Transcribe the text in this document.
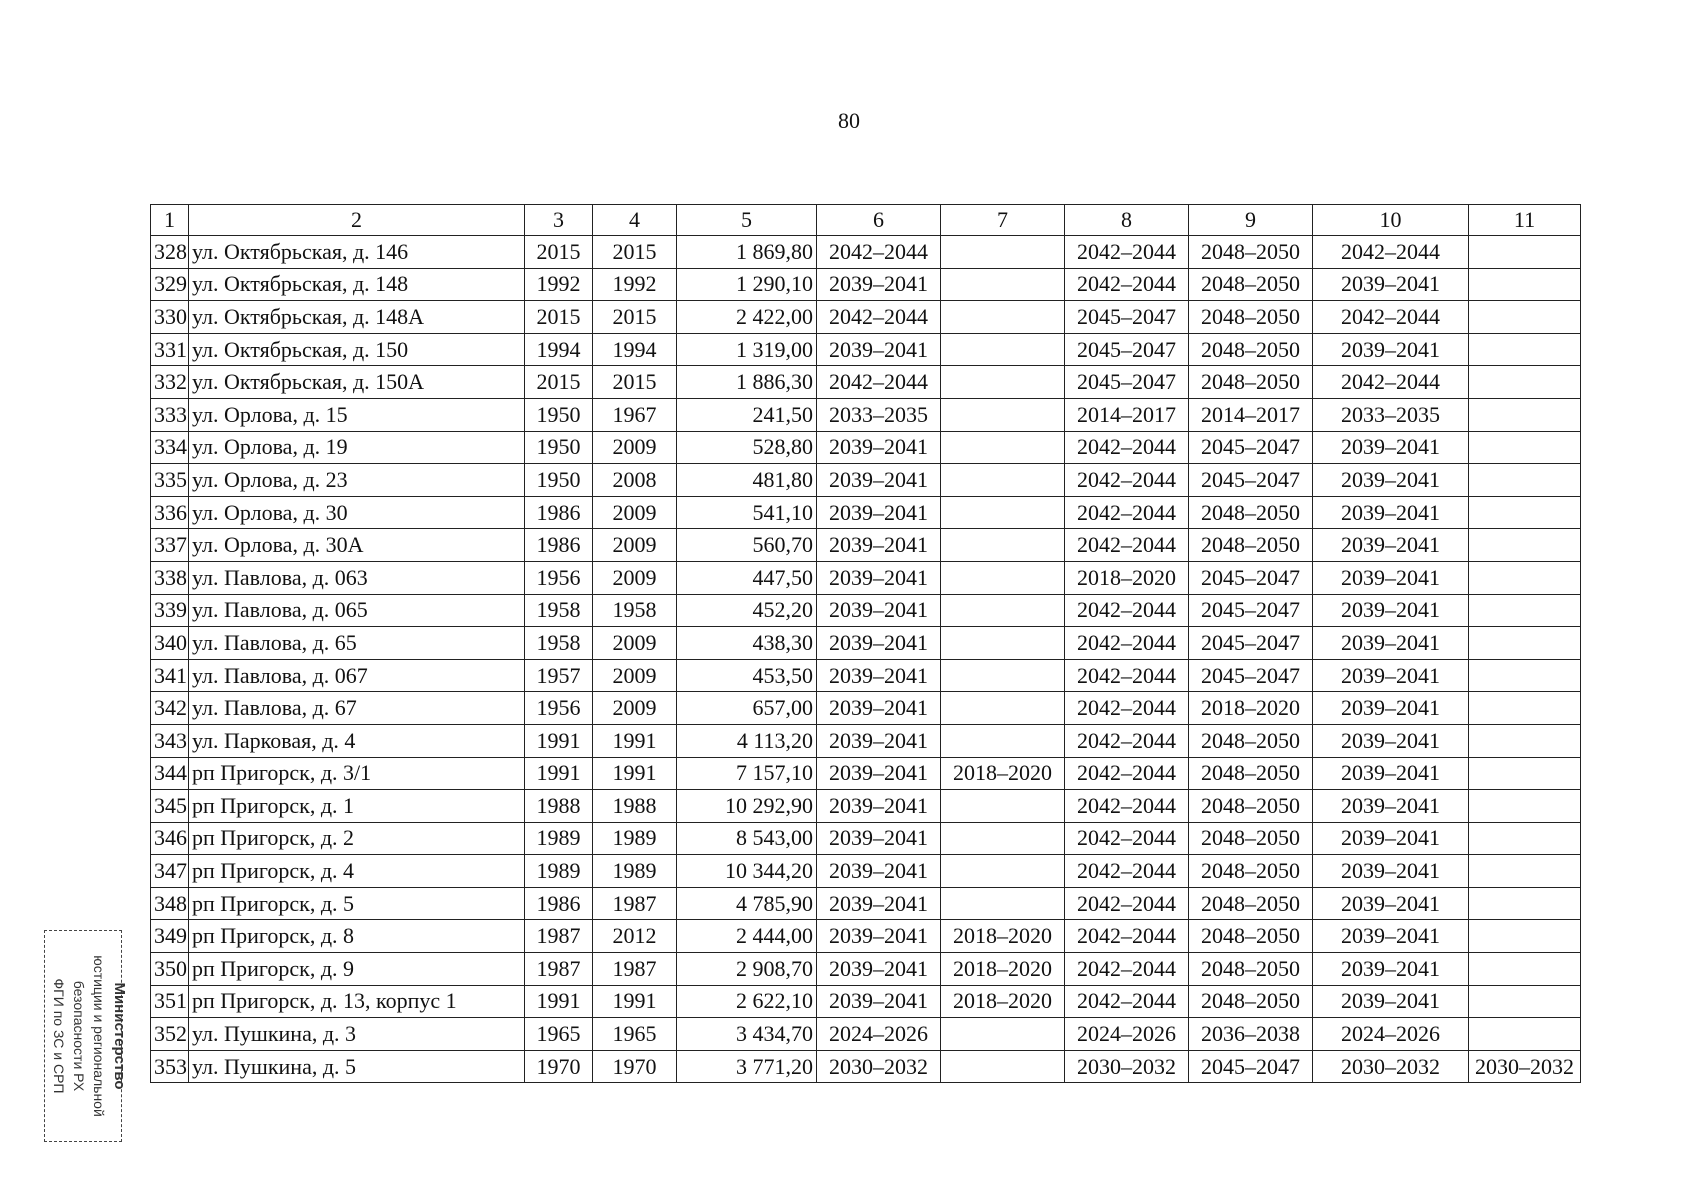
80
1	2	3	4	5	6	7	8	9	10	11
328	ул. Октябрьская, д. 146	2015	2015	1 869,80	2042–2044		2042–2044	2048–2050	2042–2044	
329	ул. Октябрьская, д. 148	1992	1992	1 290,10	2039–2041		2042–2044	2048–2050	2039–2041	
330	ул. Октябрьская, д. 148А	2015	2015	2 422,00	2042–2044		2045–2047	2048–2050	2042–2044	
331	ул. Октябрьская, д. 150	1994	1994	1 319,00	2039–2041		2045–2047	2048–2050	2039–2041	
332	ул. Октябрьская, д. 150А	2015	2015	1 886,30	2042–2044		2045–2047	2048–2050	2042–2044	
333	ул. Орлова, д. 15	1950	1967	241,50	2033–2035		2014–2017	2014–2017	2033–2035	
334	ул. Орлова, д. 19	1950	2009	528,80	2039–2041		2042–2044	2045–2047	2039–2041	
335	ул. Орлова, д. 23	1950	2008	481,80	2039–2041		2042–2044	2045–2047	2039–2041	
336	ул. Орлова, д. 30	1986	2009	541,10	2039–2041		2042–2044	2048–2050	2039–2041	
337	ул. Орлова, д. 30А	1986	2009	560,70	2039–2041		2042–2044	2048–2050	2039–2041	
338	ул. Павлова, д. 063	1956	2009	447,50	2039–2041		2018–2020	2045–2047	2039–2041	
339	ул. Павлова, д. 065	1958	1958	452,20	2039–2041		2042–2044	2045–2047	2039–2041	
340	ул. Павлова, д. 65	1958	2009	438,30	2039–2041		2042–2044	2045–2047	2039–2041	
341	ул. Павлова, д. 067	1957	2009	453,50	2039–2041		2042–2044	2045–2047	2039–2041	
342	ул. Павлова, д. 67	1956	2009	657,00	2039–2041		2042–2044	2018–2020	2039–2041	
343	ул. Парковая, д. 4	1991	1991	4 113,20	2039–2041		2042–2044	2048–2050	2039–2041	
344	рп Пригорск, д. 3/1	1991	1991	7 157,10	2039–2041	2018–2020	2042–2044	2048–2050	2039–2041	
345	рп Пригорск, д. 1	1988	1988	10 292,90	2039–2041		2042–2044	2048–2050	2039–2041	
346	рп Пригорск, д. 2	1989	1989	8 543,00	2039–2041		2042–2044	2048–2050	2039–2041	
347	рп Пригорск, д. 4	1989	1989	10 344,20	2039–2041		2042–2044	2048–2050	2039–2041	
348	рп Пригорск, д. 5	1986	1987	4 785,90	2039–2041		2042–2044	2048–2050	2039–2041	
349	рп Пригорск, д. 8	1987	2012	2 444,00	2039–2041	2018–2020	2042–2044	2048–2050	2039–2041	
350	рп Пригорск, д. 9	1987	1987	2 908,70	2039–2041	2018–2020	2042–2044	2048–2050	2039–2041	
351	рп Пригорск, д. 13, корпус 1	1991	1991	2 622,10	2039–2041	2018–2020	2042–2044	2048–2050	2039–2041	
352	ул. Пушкина, д. 3	1965	1965	3 434,70	2024–2026		2024–2026	2036–2038	2024–2026	
353	ул. Пушкина, д. 5	1970	1970	3 771,20	2030–2032		2030–2032	2045–2047	2030–2032	2030–2032
Министерство
юстиции и региональной
безопасности РХ
ФГИ по ЗС и СРП
